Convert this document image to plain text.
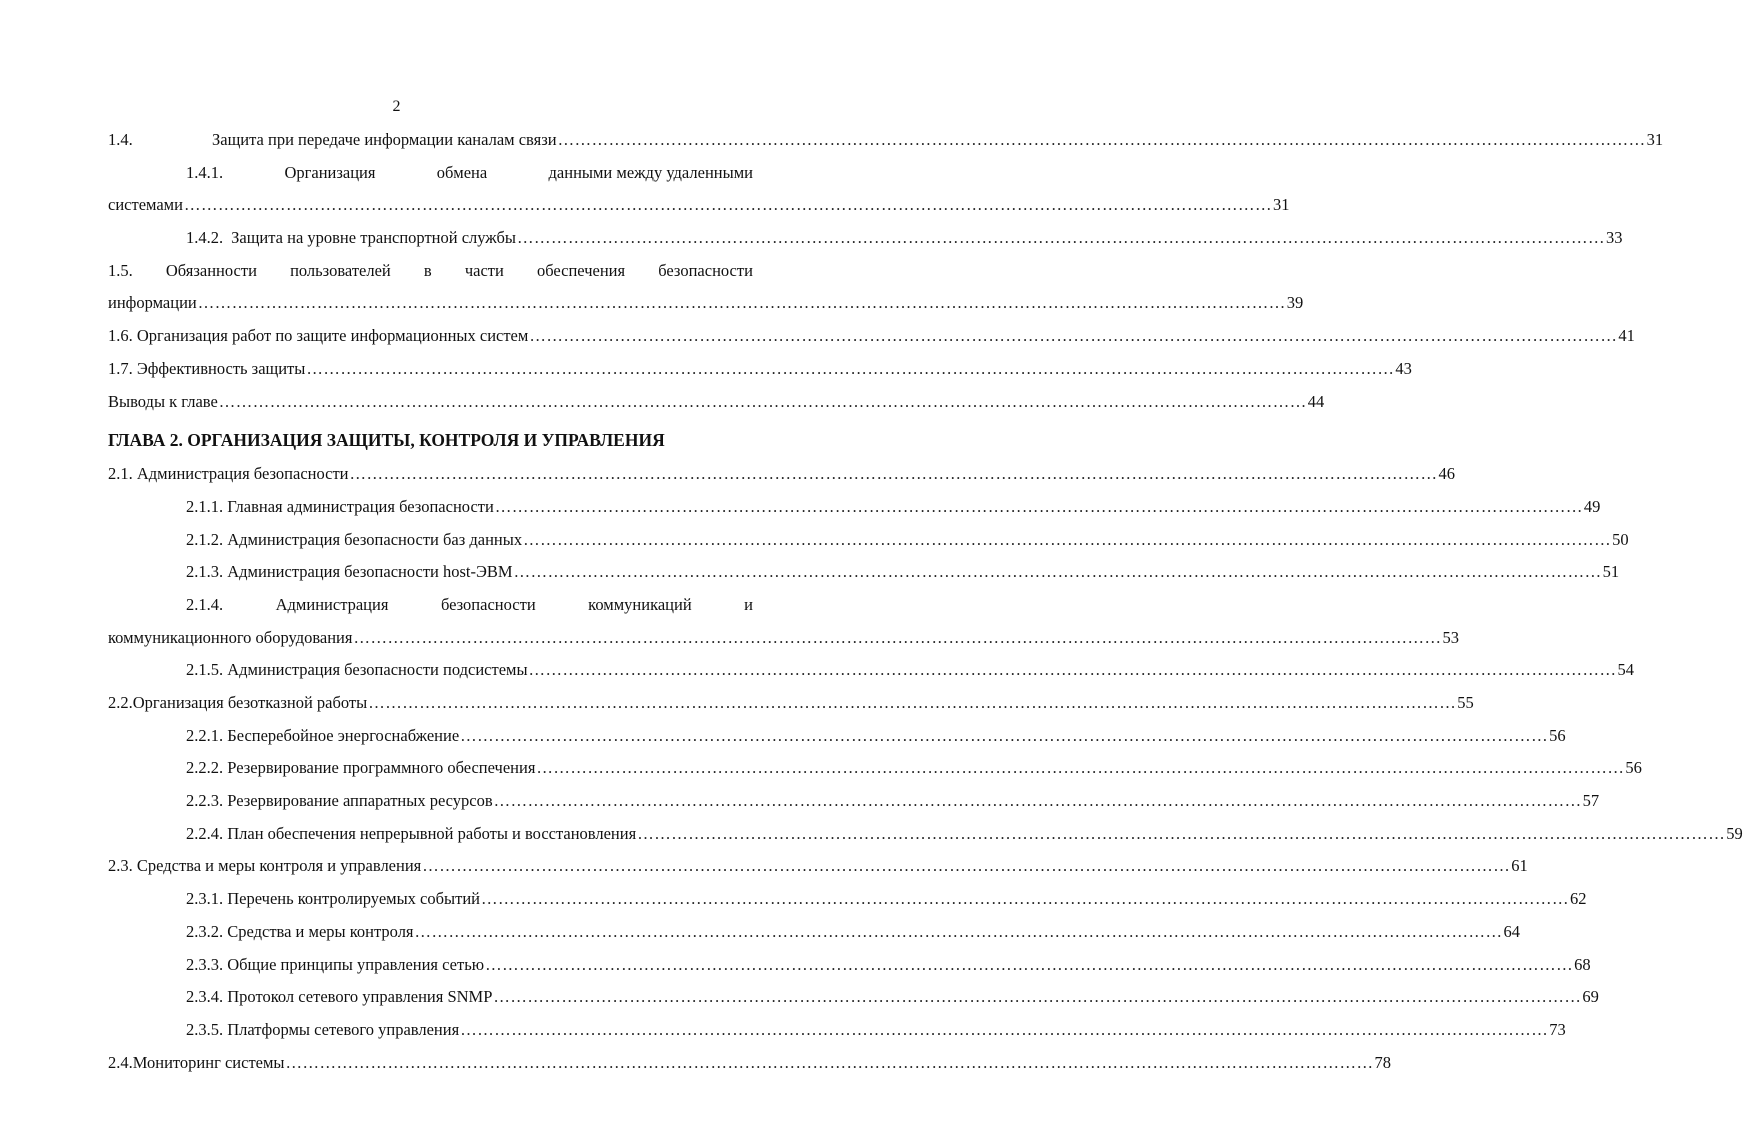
2
1.4.	Защита при передаче информации каналам связи ………………………………………………………………………………………………………………………………………………………………………… 31
1.4.1.	Организация	обмена	данными между удаленными
системами ………………………………………………………………………………………………………………………………………………………………………… 31
1.4.2. Защита на уровне транспортной службы ………………………………………………………………………………………………………………………………………………………………………… 33
1.5. Обязанности пользователей в части обеспечения безопасности
информации ………………………………………………………………………………………………………………………………………………………………………… 39
1.6. Организация работ по защите информационных систем ………………………………………………………………………………………………………………………………………………………………………… 41
1.7. Эффективность защиты ………………………………………………………………………………………………………………………………………………………………………… 43
Выводы к главе ………………………………………………………………………………………………………………………………………………………………………… 44
ГЛАВА 2. ОРГАНИЗАЦИЯ ЗАЩИТЫ, КОНТРОЛЯ И УПРАВЛЕНИЯ
2.1. Администрация безопасности ………………………………………………………………………………………………………………………………………………………………………… 46
2.1.1. Главная администрация безопасности ………………………………………………………………………………………………………………………………………………………………………… 49
2.1.2. Администрация безопасности баз данных ………………………………………………………………………………………………………………………………………………………………………… 50
2.1.3. Администрация безопасности host-ЭВМ ………………………………………………………………………………………………………………………………………………………………………… 51
2.1.4.	Администрация	безопасности	коммуникаций	и
коммуникационного оборудования ………………………………………………………………………………………………………………………………………………………………………… 53
2.1.5. Администрация безопасности подсистемы ………………………………………………………………………………………………………………………………………………………………………… 54
2.2.Организация безотказной работы ………………………………………………………………………………………………………………………………………………………………………… 55
2.2.1. Бесперебойное энергоснабжение ………………………………………………………………………………………………………………………………………………………………………… 56
2.2.2. Резервирование программного обеспечения ………………………………………………………………………………………………………………………………………………………………………… 56
2.2.3. Резервирование аппаратных ресурсов ………………………………………………………………………………………………………………………………………………………………………… 57
2.2.4. План обеспечения непрерывной работы и восстановления ………………………………………………………………………………………………………………………………………………………………………… 59
2.3. Средства и меры контроля и управления ………………………………………………………………………………………………………………………………………………………………………… 61
2.3.1. Перечень контролируемых событий ………………………………………………………………………………………………………………………………………………………………………… 62
2.3.2. Средства и меры контроля ………………………………………………………………………………………………………………………………………………………………………… 64
2.3.3. Общие принципы управления сетью ………………………………………………………………………………………………………………………………………………………………………… 68
2.3.4. Протокол сетевого управления SNMP ………………………………………………………………………………………………………………………………………………………………………… 69
2.3.5. Платформы сетевого управления ………………………………………………………………………………………………………………………………………………………………………… 73
2.4.Мониторинг системы ………………………………………………………………………………………………………………………………………………………………………… 78
